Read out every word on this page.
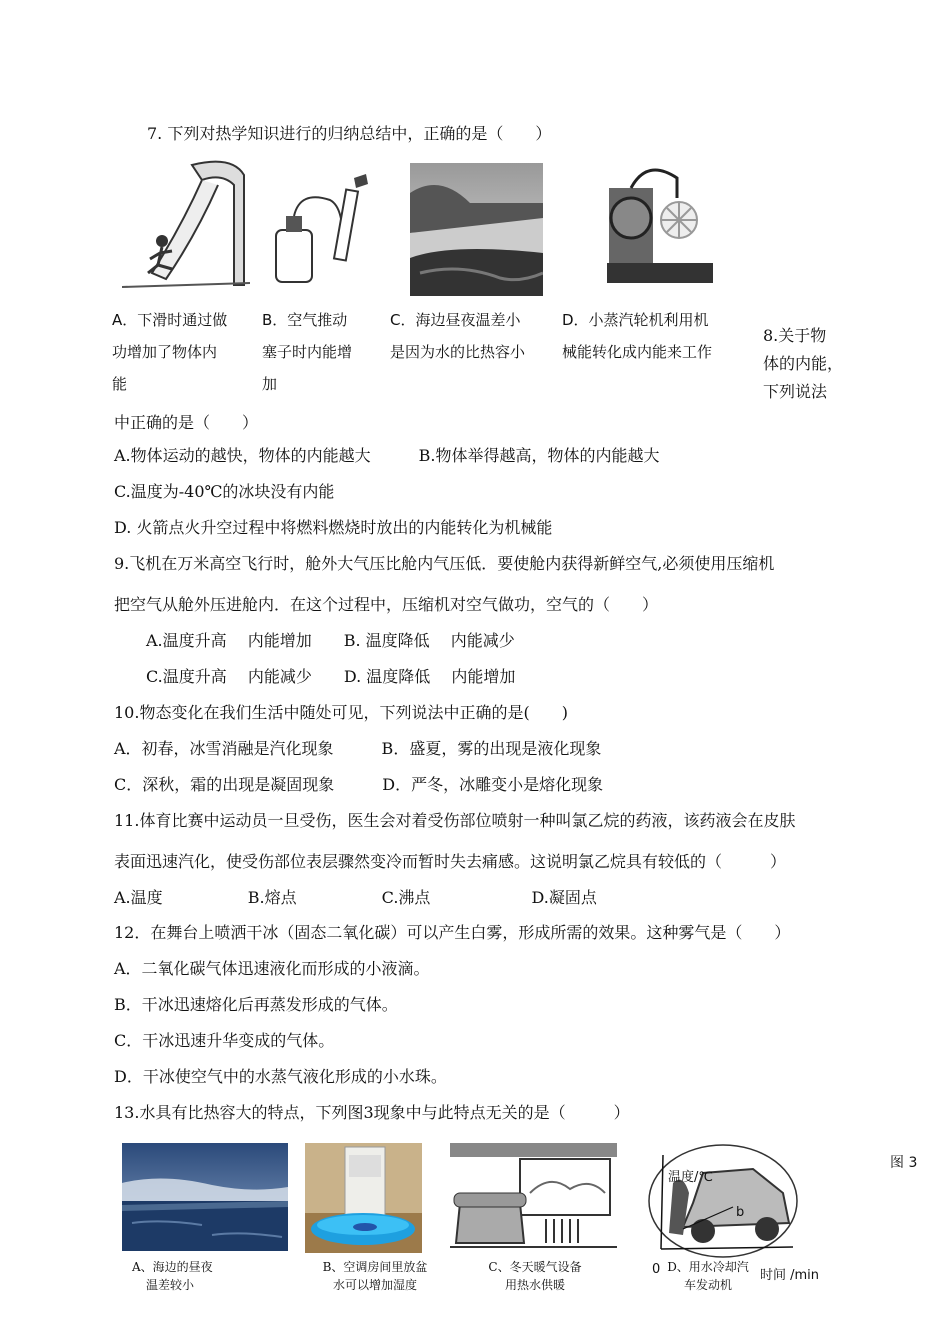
7. 下列对热学知识进行的归纳总结中，正确的是（　　）
A．下滑时通过做
功增加了物体内
能
B．空气推动
塞子时内能增
加
C．海边昼夜温差小
是因为水的比热容小
D．小蒸汽轮机利用机
械能转化成内能来工作
8.关于物
体的内能，
下列说法
中正确的是（　　）
A.物体运动的越快，物体的内能越大　　　B.物体举得越高，物体的内能越大
C.温度为-40℃的冰块没有内能
D. 火箭点火升空过程中将燃料燃烧时放出的内能转化为机械能
9.飞机在万米高空飞行时，舱外大气压比舱内气压低．要使舱内获得新鲜空气,必须使用压缩机
把空气从舱外压进舱内．在这个过程中，压缩机对空气做功，空气的（　　）
A.温度升高　 内能增加　　B. 温度降低　 内能减少
C.温度升高　 内能减少　　D. 温度降低　 内能增加
10.物态变化在我们生活中随处可见，下列说法中正确的是(　　)
A．初春，冰雪消融是汽化现象　　　B．盛夏，雾的出现是液化现象
C．深秋，霜的出现是凝固现象　　　D．严冬，冰雕变小是熔化现象
11.体育比赛中运动员一旦受伤，医生会对着受伤部位喷射一种叫氯乙烷的药液，该药液会在皮肤
表面迅速汽化，使受伤部位表层骤然变冷而暂时失去痛感。这说明氯乙烷具有较低的（　　　）
A.温度　　　　　 B.熔点　　　　　 C.沸点　　　　　　 D.凝固点
12．在舞台上喷洒干冰（固态二氧化碳）可以产生白雾，形成所需的效果。这种雾气是（　　）
A．二氧化碳气体迅速液化而形成的小液滴。
B．干冰迅速熔化后再蒸发形成的气体。
C．干冰迅速升华变成的气体。
D．干冰使空气中的水蒸气液化形成的小水珠。
13.水具有比热容大的特点，下列图3现象中与此特点无关的是（　　　）
图 3
温度/℃
b
0	时间 /min
A、海边的昼夜
温差较小
B、空调房间里放盆
水可以增加湿度
C、冬天暖气设备
用热水供暖
D、用水冷却汽
车发动机
